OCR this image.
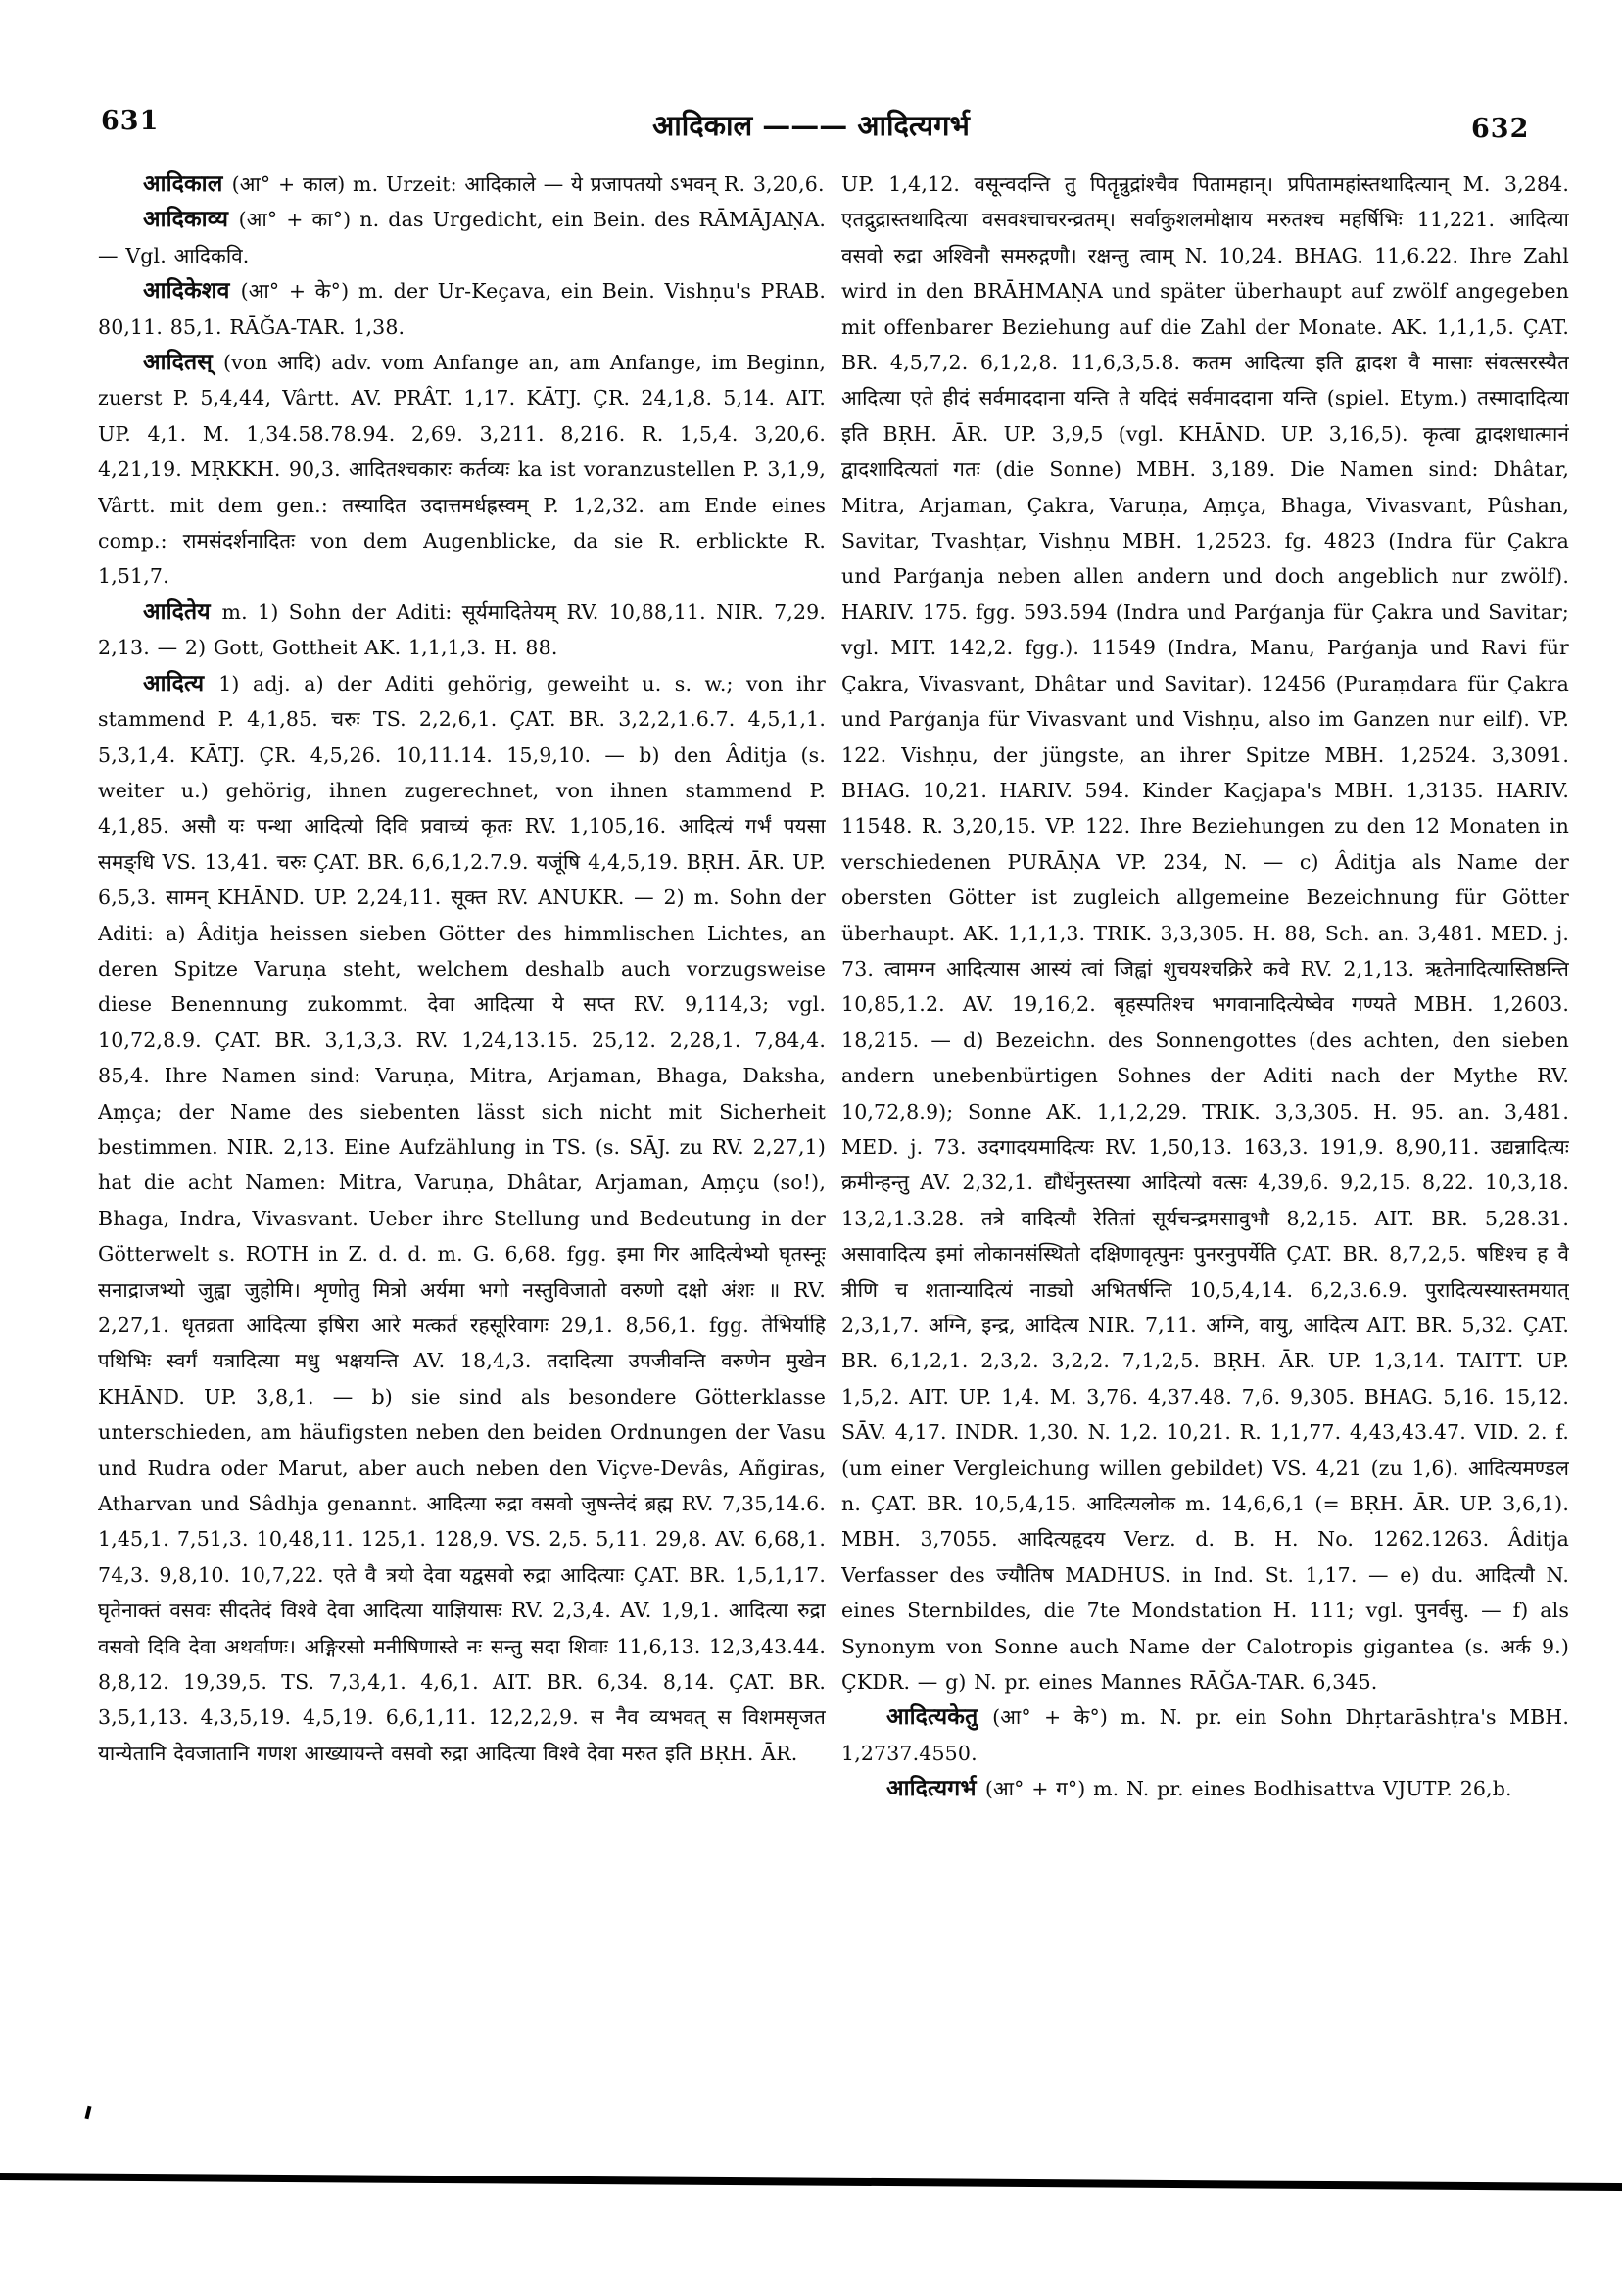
631	आदिकाल ——— आदित्यगर्भ	632

आदिकाल (आ° + काल) m. Urzeit: आदिकाले — ये प्रजापतयो ऽभवन् R. 3,20,6.

आदिकाव्य (आ° + का°) n. das Urgedicht, ein Bein. des RĀMĀJAṆA. — Vgl. आदिकवि.

आदिकेशव (आ° + के°) m. der Ur-Keçava, ein Bein. Vishṇu's PRAB. 80,11. 85,1. RĀĞA-TAR. 1,38.

आदितस् (von आदि) adv. vom Anfange an, am Anfange, im Beginn, zuerst P. 5,4,44, Vârtt. AV. PRÂT. 1,17. KĀTJ. ÇR. 24,1,8. 5,14. AIT. UP. 4,1. M. 1,34.58.78.94. 2,69. 3,211. 8,216. R. 1,5,4. 3,20,6. 4,21,19. MṚKKH. 90,3. आदितश्चकारः कर्तव्यः ka ist voranzustellen P. 3,1,9, Vârtt. mit dem gen.: तस्यादित उदात्तमर्धह्रस्वम् P. 1,2,32. am Ende eines comp.: रामसंदर्शनादितः von dem Augenblicke, da sie R. erblickte R. 1,51,7.

आदितेय m. 1) Sohn der Aditi: सूर्यमादितेयम् RV. 10,88,11. NIR. 7,29. 2,13. — 2) Gott, Gottheit AK. 1,1,1,3. H. 88.

आदित्य 1) adj. a) der Aditi gehörig, geweiht u. s. w.; von ihr stammend P. 4,1,85. चरुः TS. 2,2,6,1. ÇAT. BR. 3,2,2,1.6.7. 4,5,1,1. 5,3,1,4. KĀTJ. ÇR. 4,5,26. 10,11.14. 15,9,10. — b) den Âditja (s. weiter u.) gehörig, ihnen zugerechnet, von ihnen stammend P. 4,1,85. असौ यः पन्था आदित्यो दिवि प्रवाच्यं कृतः RV. 1,105,16. आदित्यं गर्भं पयसा समङ्धि VS. 13,41. चरुः ÇAT. BR. 6,6,1,2.7.9. यजूंषि 4,4,5,19. BṚH. ĀR. UP. 6,5,3. सामन् KHĀND. UP. 2,24,11. सूक्त RV. ANUKR. — 2) m. Sohn der Aditi: a) Âditja heissen sieben Götter des himmlischen Lichtes, an deren Spitze Varuṇa steht, welchem deshalb auch vorzugsweise diese Benennung zukommt. देवा आदित्या ये सप्त RV. 9,114,3; vgl. 10,72,8.9. ÇAT. BR. 3,1,3,3. RV. 1,24,13.15. 25,12. 2,28,1. 7,84,4. 85,4. Ihre Namen sind: Varuṇa, Mitra, Arjaman, Bhaga, Daksha, Aṃça; der Name des siebenten lässt sich nicht mit Sicherheit bestimmen. NIR. 2,13. Eine Aufzählung in TS. (s. SĀJ. zu RV. 2,27,1) hat die acht Namen: Mitra, Varuṇa, Dhâtar, Arjaman, Aṃçu (so!), Bhaga, Indra, Vivasvant. Ueber ihre Stellung und Bedeutung in der Götterwelt s. ROTH in Z. d. d. m. G. 6,68. fgg. इमा गिर आदित्येभ्यो घृतस्नूः सनाद्राजभ्यो जुह्वा जुहोमि। शृणोतु मित्रो अर्यमा भगो नस्तुविजातो वरुणो दक्षो अंशः ॥ RV. 2,27,1. धृतव्रता आदित्या इषिरा आरे मत्कर्त रहसूरिवागः 29,1. 8,56,1. fgg. तेभिर्याहि पथिभिः स्वर्गं यत्रादित्या मधु भक्षयन्ति AV. 18,4,3. तदादित्या उपजीवन्ति वरुणेन मुखेन KHĀND. UP. 3,8,1. — b) sie sind als besondere Götterklasse unterschieden, am häufigsten neben den beiden Ordnungen der Vasu und Rudra oder Marut, aber auch neben den Viçve-Devâs, Añgiras, Atharvan und Sâdhja genannt. आदित्या रुद्रा वसवो जुषन्तेदं ब्रह्म RV. 7,35,14.6. 1,45,1. 7,51,3. 10,48,11. 125,1. 128,9. VS. 2,5. 5,11. 29,8. AV. 6,68,1. 74,3. 9,8,10. 10,7,22. एते वै त्रयो देवा यद्वसवो रुद्रा आदित्याः ÇAT. BR. 1,5,1,17. घृतेनाक्तं वसवः सीदतेदं विश्वे देवा आदित्या याज्ञियासः RV. 2,3,4. AV. 1,9,1. आदित्या रुद्रा वसवो दिवि देवा अथर्वाणः। अङ्गिरसो मनीषिणास्ते नः सन्तु सदा शिवाः 11,6,13. 12,3,43.44. 8,8,12. 19,39,5. TS. 7,3,4,1. 4,6,1. AIT. BR. 6,34. 8,14. ÇAT. BR. 3,5,1,13. 4,3,5,19. 4,5,19. 6,6,1,11. 12,2,2,9. स नैव व्यभवत् स विशमसृजत यान्येतानि देवजातानि गणश आख्यायन्ते वसवो रुद्रा आदित्या विश्वे देवा मरुत इति BṚH. ĀR.

UP. 1,4,12. वसून्वदन्ति तु पितॄन्रुद्रांश्चैव पितामहान्। प्रपितामहांस्तथादित्यान् M. 3,284. एतद्रुद्रास्तथादित्या वसवश्चाचरन्व्रतम्। सर्वाकुशलमोक्षाय मरुतश्च महर्षिभिः 11,221. आदित्या वसवो रुद्रा अश्विनौ समरुद्गणौ। रक्षन्तु त्वाम् N. 10,24. BHAG. 11,6.22. Ihre Zahl wird in den BRĀHMAṆA und später überhaupt auf zwölf angegeben mit offenbarer Beziehung auf die Zahl der Monate. AK. 1,1,1,5. ÇAT. BR. 4,5,7,2. 6,1,2,8. 11,6,3,5.8. कतम आदित्या इति द्वादश वै मासाः संवत्सरस्यैत आदित्या एते हीदं सर्वमाददाना यन्ति ते यदिदं सर्वमाददाना यन्ति (spiel. Etym.) तस्मादादित्या इति BṚH. ĀR. UP. 3,9,5 (vgl. KHĀND. UP. 3,16,5). कृत्वा द्वादशधात्मानं द्वादशादित्यतां गतः (die Sonne) MBH. 3,189. Die Namen sind: Dhâtar, Mitra, Arjaman, Çakra, Varuṇa, Aṃça, Bhaga, Vivasvant, Pûshan, Savitar, Tvashṭar, Vishṇu MBH. 1,2523. fg. 4823 (Indra für Çakra und Parģanja neben allen andern und doch angeblich nur zwölf). HARIV. 175. fgg. 593.594 (Indra und Parģanja für Çakra und Savitar; vgl. MIT. 142,2. fgg.). 11549 (Indra, Manu, Parģanja und Ravi für Çakra, Vivasvant, Dhâtar und Savitar). 12456 (Puraṃdara für Çakra und Parģanja für Vivasvant und Vishṇu, also im Ganzen nur eilf). VP. 122. Vishṇu, der jüngste, an ihrer Spitze MBH. 1,2524. 3,3091. BHAG. 10,21. HARIV. 594. Kinder Kaçjapa's MBH. 1,3135. HARIV. 11548. R. 3,20,15. VP. 122. Ihre Beziehungen zu den 12 Monaten in verschiedenen PURĀṆA VP. 234, N. — c) Âditja als Name der obersten Götter ist zugleich allgemeine Bezeichnung für Götter überhaupt. AK. 1,1,1,3. TRIK. 3,3,305. H. 88, Sch. an. 3,481. MED. j. 73. त्वामग्न आदित्यास आस्यं त्वां जिह्वां शुचयश्चक्रिरे कवे RV. 2,1,13. ऋतेनादित्यास्तिष्ठन्ति 10,85,1.2. AV. 19,16,2. बृहस्पतिश्च भगवानादित्येष्वेव गण्यते MBH. 1,2603. 18,215. — d) Bezeichn. des Sonnengottes (des achten, den sieben andern unebenbürtigen Sohnes der Aditi nach der Mythe RV. 10,72,8.9); Sonne AK. 1,1,2,29. TRIK. 3,3,305. H. 95. an. 3,481. MED. j. 73. उदगादयमादित्यः RV. 1,50,13. 163,3. 191,9. 8,90,11. उद्यन्नादित्यः क्रमीन्हन्तु AV. 2,32,1. द्यौर्धेनुस्तस्या आदित्यो वत्सः 4,39,6. 9,2,15. 8,22. 10,3,18. 13,2,1.3.28. तत्रे वादित्यौ रेतितां सूर्यचन्द्रमसावुभौ 8,2,15. AIT. BR. 5,28.31. असावादित्य इमां लोकानसंस्थितो दक्षिणावृत्पुनः पुनरनुपर्येति ÇAT. BR. 8,7,2,5. षष्टिश्च ह वै त्रीणि च शतान्यादित्यं नाड्यो अभितर्षन्ति 10,5,4,14. 6,2,3.6.9. पुरादित्यस्यास्तमयात् 2,3,1,7. अग्नि, इन्द्र, आदित्य NIR. 7,11. अग्नि, वायु, आदित्य AIT. BR. 5,32. ÇAT. BR. 6,1,2,1. 2,3,2. 3,2,2. 7,1,2,5. BṚH. ĀR. UP. 1,3,14. TAITT. UP. 1,5,2. AIT. UP. 1,4. M. 3,76. 4,37.48. 7,6. 9,305. BHAG. 5,16. 15,12. SĀV. 4,17. INDR. 1,30. N. 1,2. 10,21. R. 1,1,77. 4,43,43.47. VID. 2. f. (um einer Vergleichung willen gebildet) VS. 4,21 (zu 1,6). आदित्यमण्डल n. ÇAT. BR. 10,5,4,15. आदित्यलोक m. 14,6,6,1 (= BṚH. ĀR. UP. 3,6,1). MBH. 3,7055. आदित्यहृदय Verz. d. B. H. No. 1262.1263. Âditja Verfasser des ज्यौतिष MADHUS. in Ind. St. 1,17. — e) du. आदित्यौ N. eines Sternbildes, die 7te Mondstation H. 111; vgl. पुनर्वसु. — f) als Synonym von Sonne auch Name der Calotropis gigantea (s. अर्क 9.) ÇKDR. — g) N. pr. eines Mannes RĀĞA-TAR. 6,345.

आदित्यकेतु (आ° + के°) m. N. pr. ein Sohn Dhṛtarāshṭra's MBH. 1,2737.4550.

आदित्यगर्भ (आ° + ग°) m. N. pr. eines Bodhisattva VJUTP. 26,b.
